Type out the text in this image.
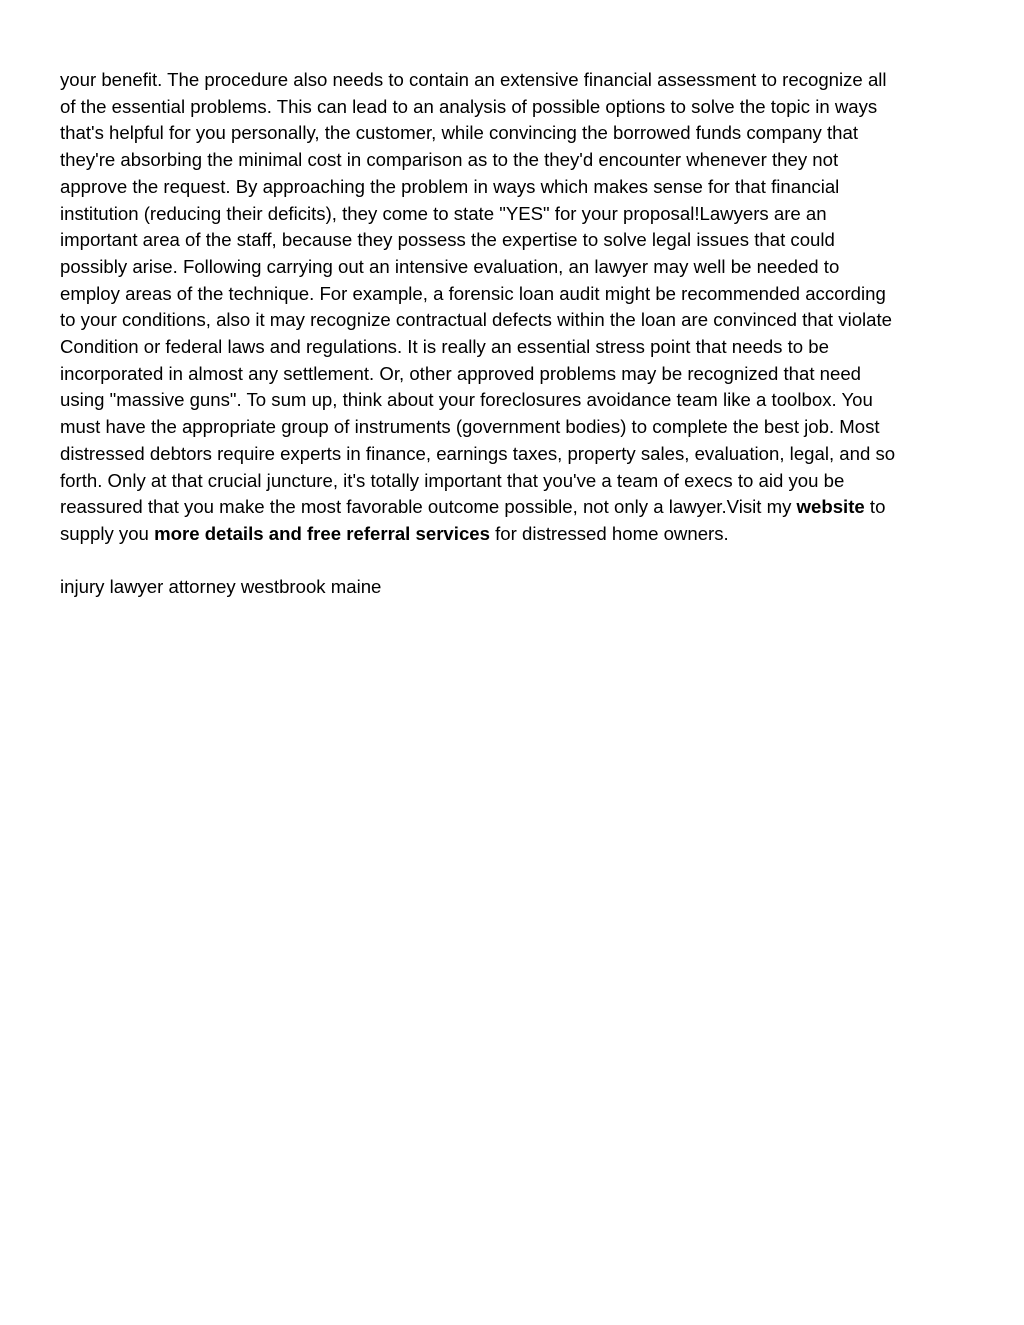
your benefit. The procedure also needs to contain an extensive financial assessment to recognize all
of the essential problems. This can lead to an analysis of possible options to solve the topic in ways
that's helpful for you personally, the customer, while convincing the borrowed funds company that
they're absorbing the minimal cost in comparison as to the they'd encounter whenever they not
approve the request. By approaching the problem in ways which makes sense for that financial
institution (reducing their deficits), they come to state "YES" for your proposal!Lawyers are an
important area of the staff, because they possess the expertise to solve legal issues that could
possibly arise. Following carrying out an intensive evaluation, an lawyer may well be needed to
employ areas of the technique. For example, a forensic loan audit might be recommended according
to your conditions, also it may recognize contractual defects within the loan are convinced that violate
Condition or federal laws and regulations. It is really an essential stress point that needs to be
incorporated in almost any settlement. Or, other approved problems may be recognized that need
using "massive guns". To sum up, think about your foreclosures avoidance team like a toolbox. You
must have the appropriate group of instruments (government bodies) to complete the best job. Most
distressed debtors require experts in finance, earnings taxes, property sales, evaluation, legal, and so
forth. Only at that crucial juncture, it's totally important that you've a team of execs to aid you be
reassured that you make the most favorable outcome possible, not only a lawyer.Visit my website to
supply you more details and free referral services for distressed home owners.

injury lawyer attorney westbrook maine
